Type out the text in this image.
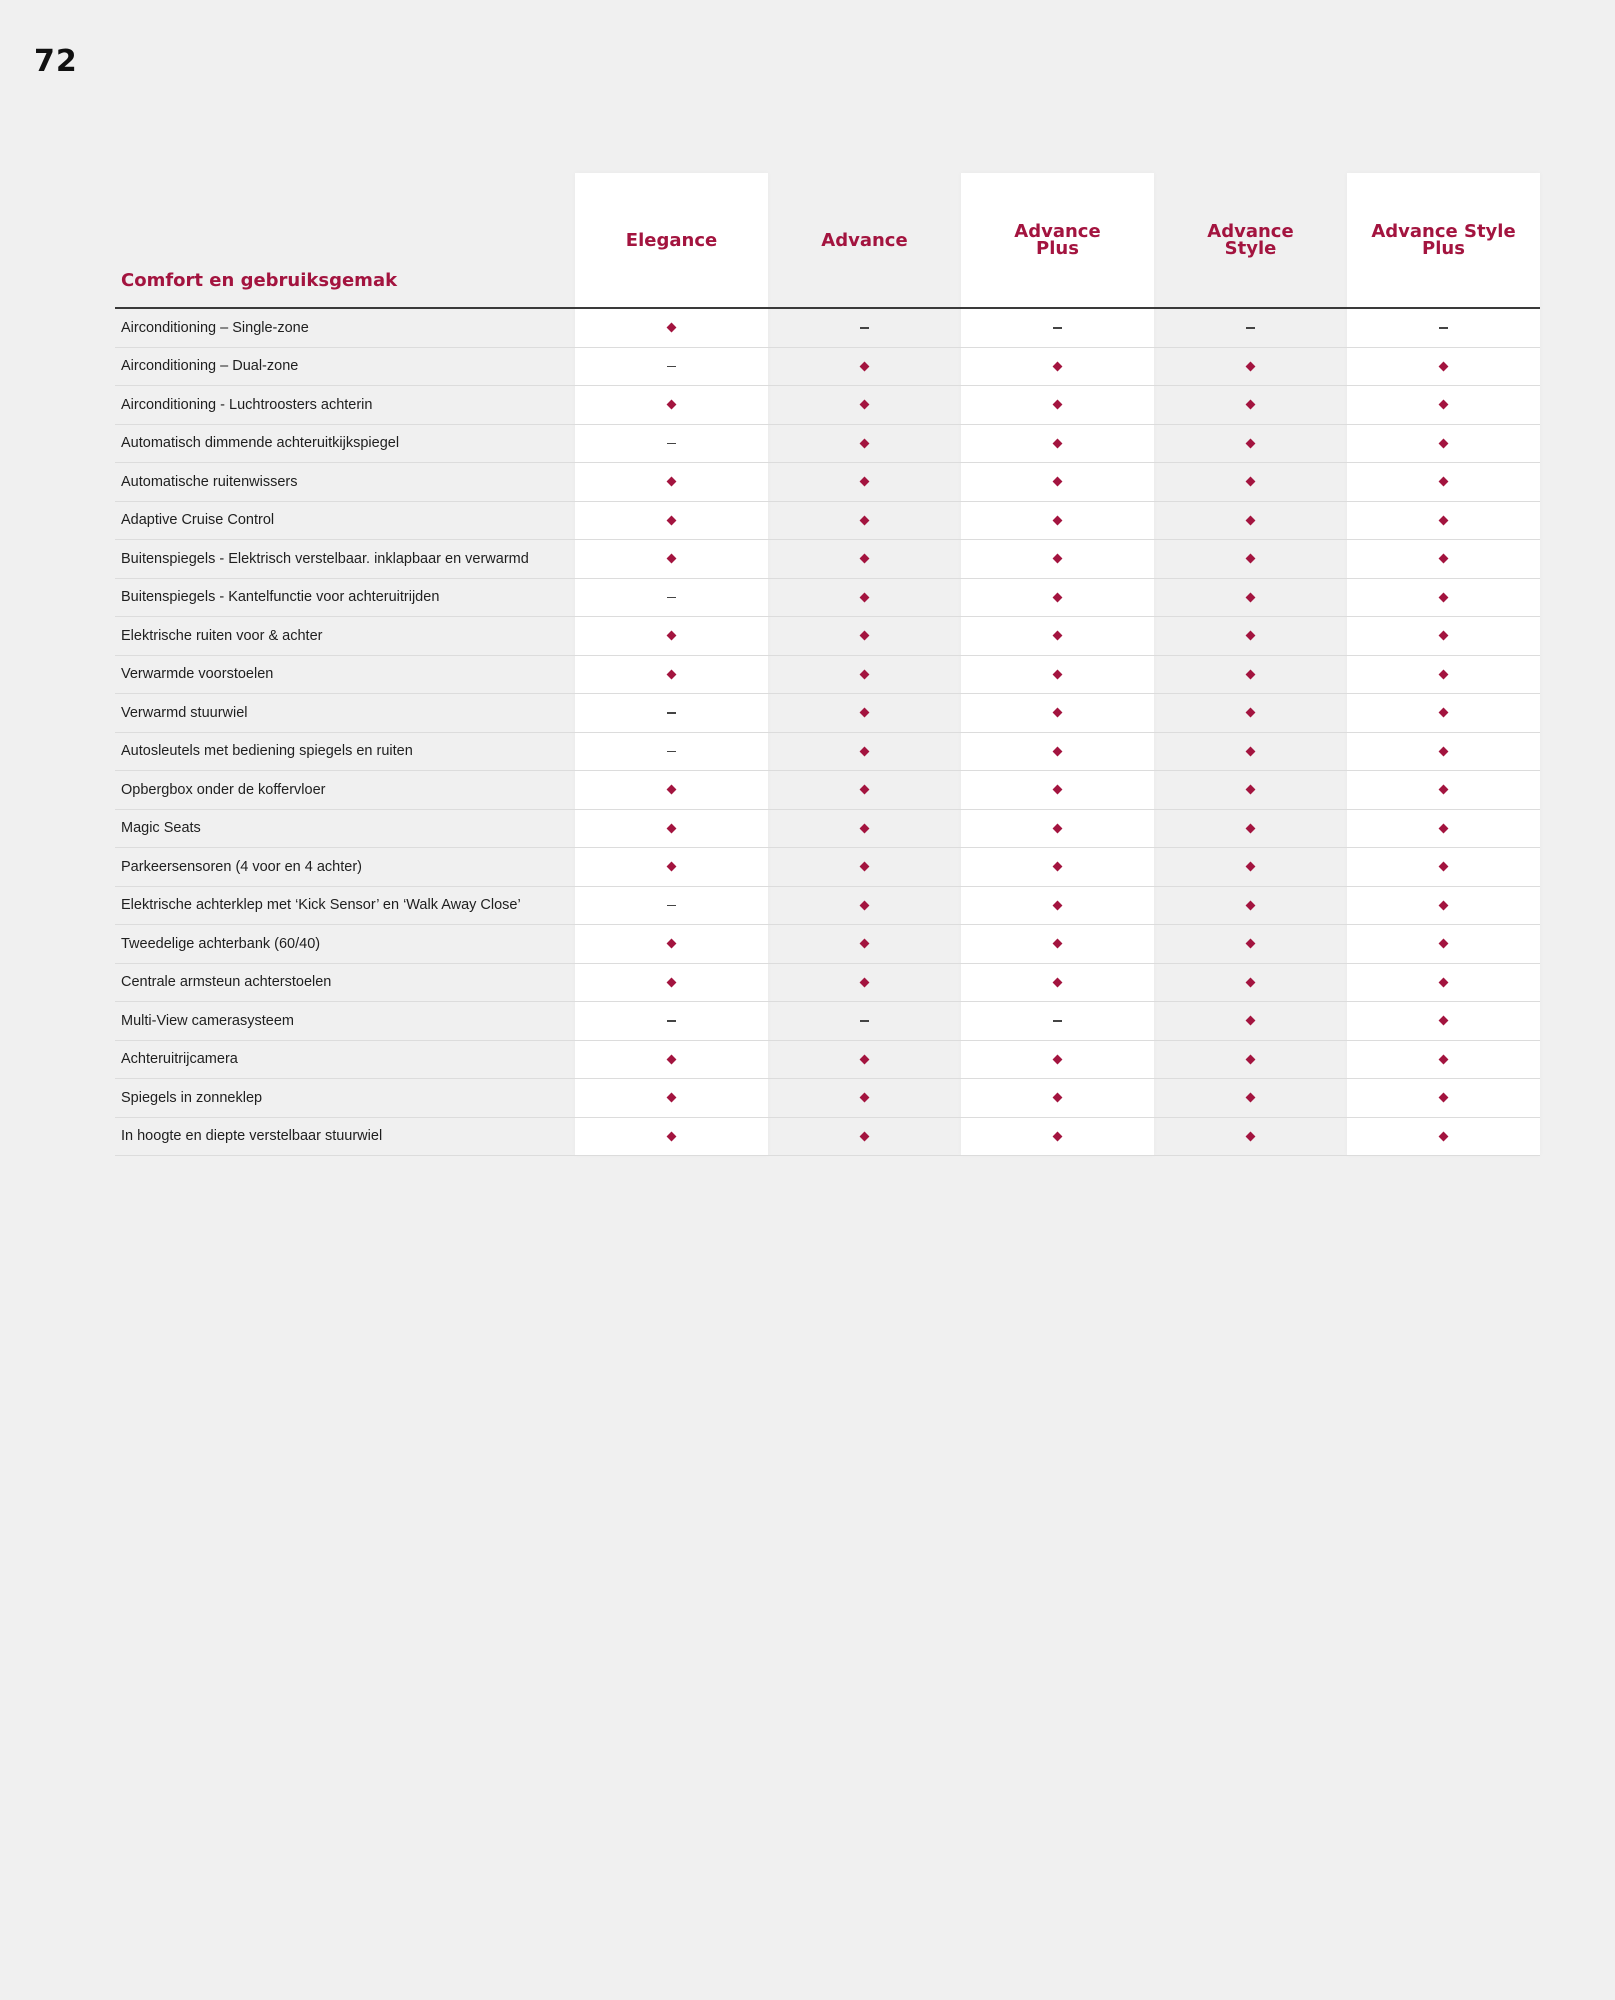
72
Comfort en gebruiksgemak
Elegance	Advance	Advance
Plus
Advance
Style
Advance Style
Plus
Airconditioning – Single-zone
Airconditioning – Dual-zone
Airconditioning - Luchtroosters achterin
Automatisch dimmende achteruitkijkspiegel
Automatische ruitenwissers
Adaptive Cruise Control
Buitenspiegels - Elektrisch verstelbaar. inklapbaar en verwarmd
Buitenspiegels - Kantelfunctie voor achteruitrijden
Elektrische ruiten voor & achter
Verwarmde voorstoelen
Verwarmd stuurwiel
Autosleutels met bediening spiegels en ruiten
Opbergbox onder de koffervloer
Magic Seats
Parkeersensoren (4 voor en 4 achter)
Elektrische achterklep met ‘Kick Sensor’ en ‘Walk Away Close’
Tweedelige achterbank (60/40)
Centrale armsteun achterstoelen
Multi-View camerasysteem
Achteruitrijcamera
Spiegels in zonneklep
In hoogte en diepte verstelbaar stuurwiel
